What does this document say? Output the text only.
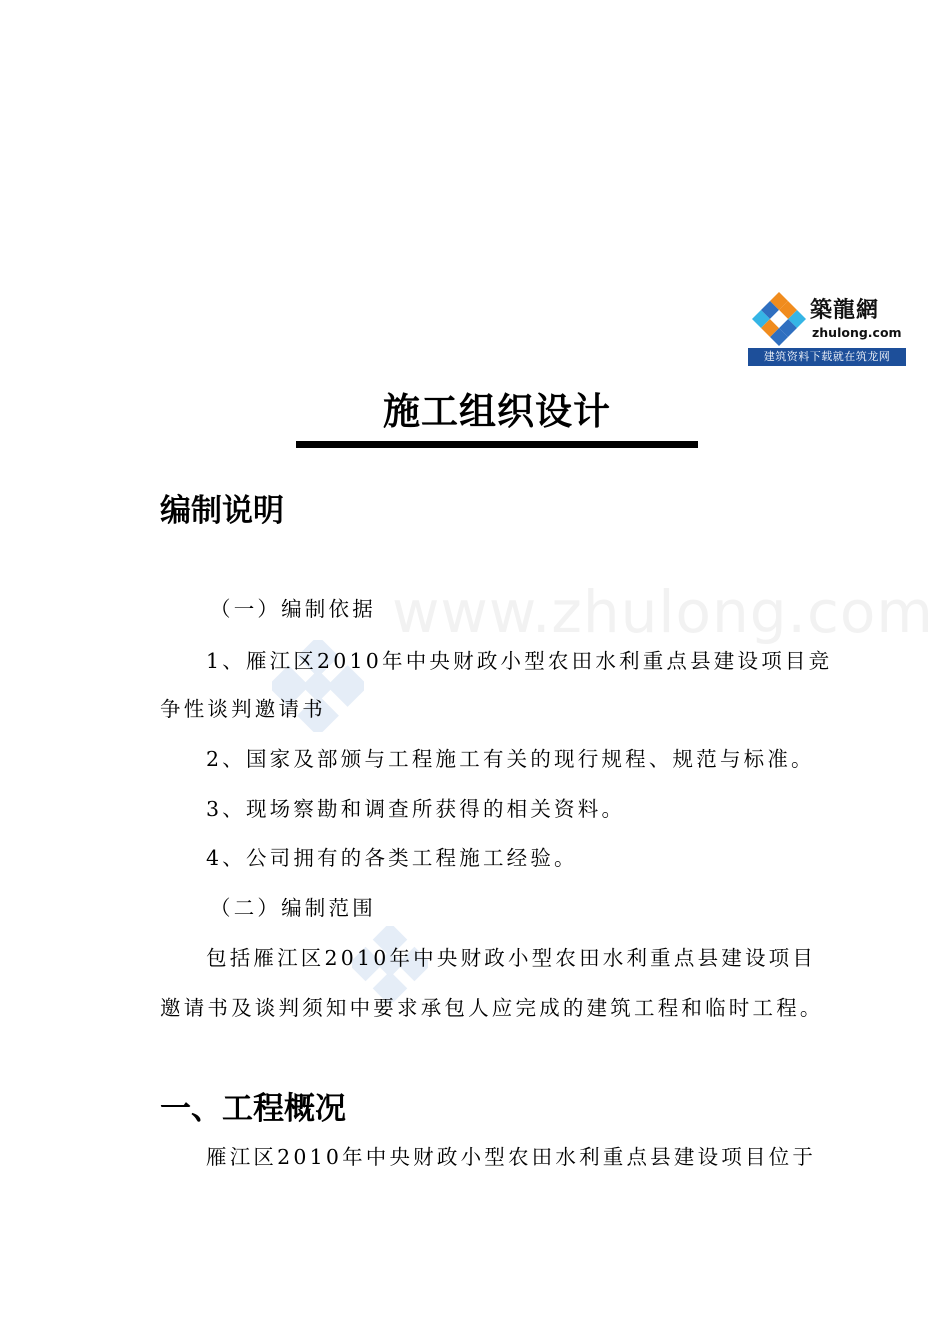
www.zhulong.com
築龍網
zhulong.com
建筑资料下载就在筑龙网
施工组织设计
编制说明
（一）编制依据
1、雁江区2010年中央财政小型农田水利重点县建设项目竞
争性谈判邀请书
2、国家及部颁与工程施工有关的现行规程、规范与标准。
3、现场察勘和调查所获得的相关资料。
4、公司拥有的各类工程施工经验。
（二）编制范围
包括雁江区2010年中央财政小型农田水利重点县建设项目
邀请书及谈判须知中要求承包人应完成的建筑工程和临时工程。
一、工程概况
雁江区2010年中央财政小型农田水利重点县建设项目位于
